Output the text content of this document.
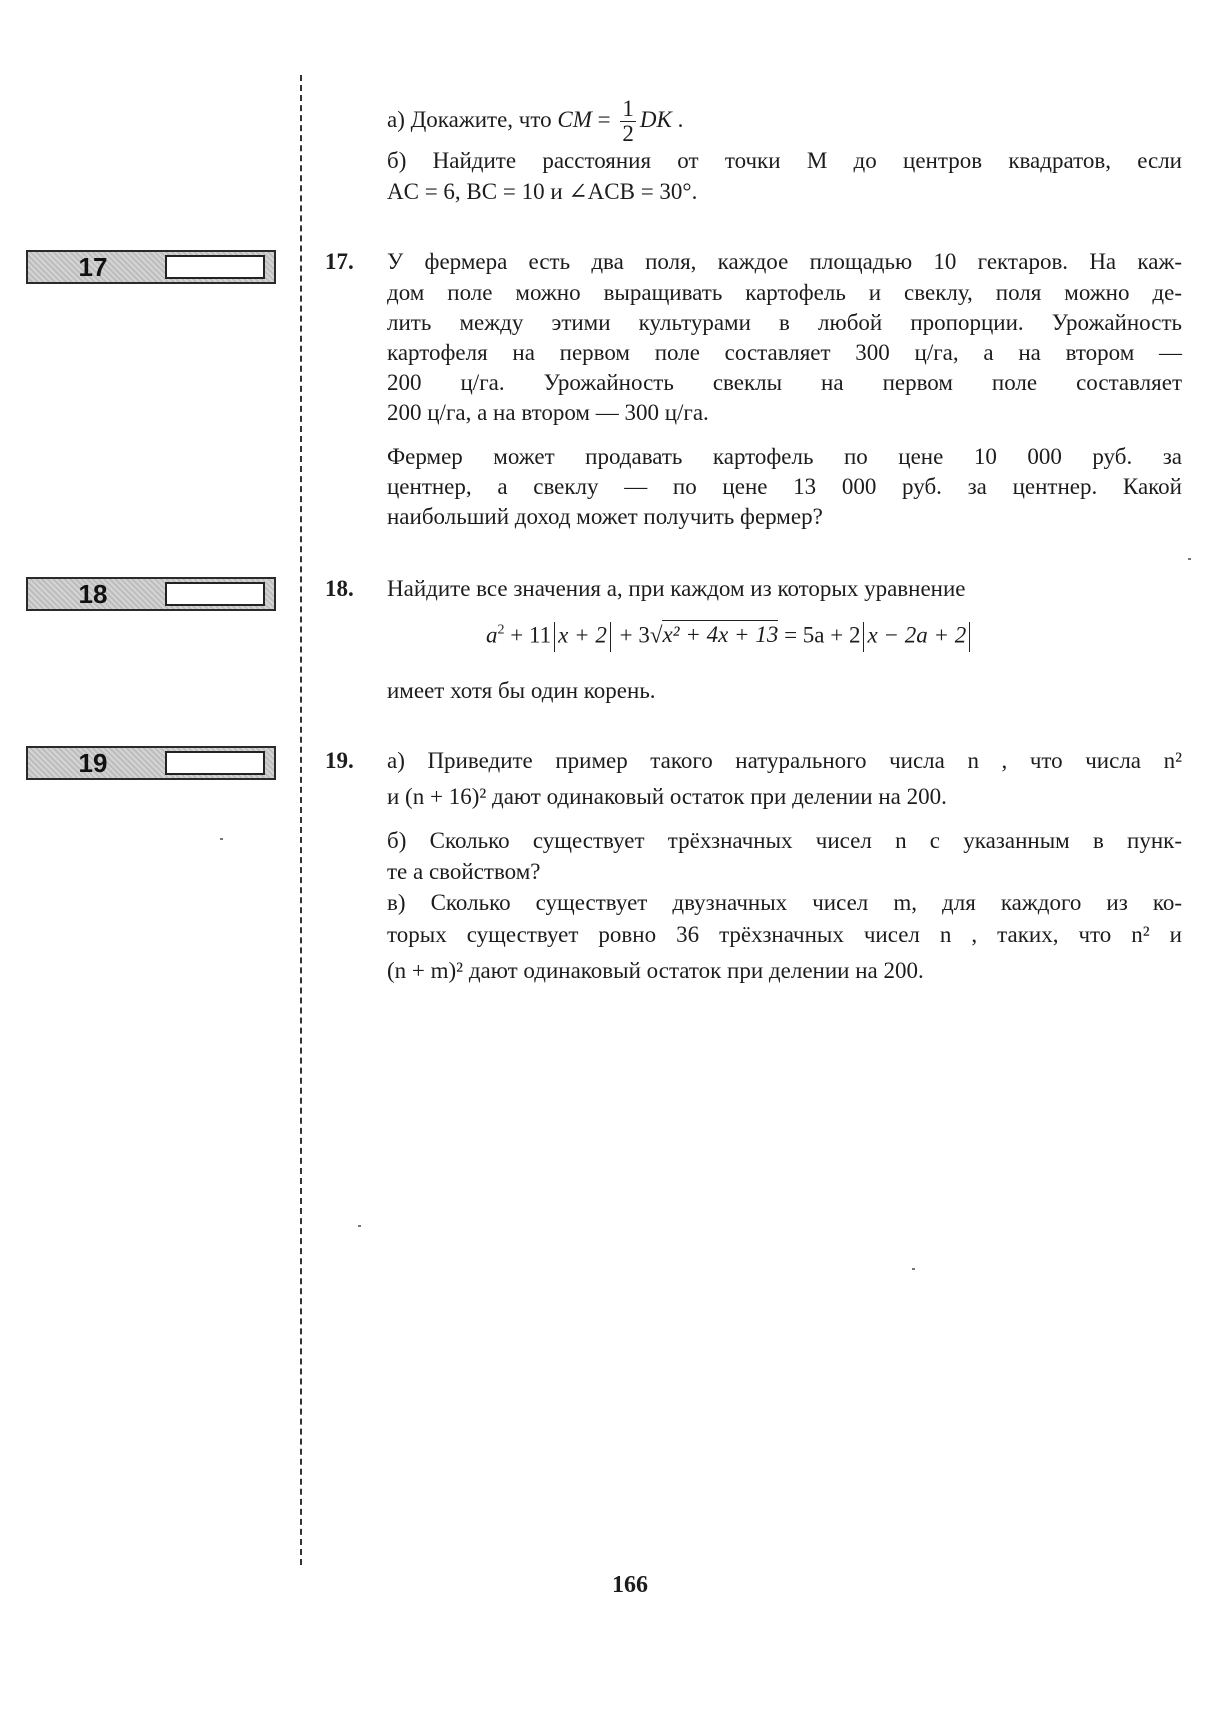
17
18
19
а) Докажите, что CM = $\frac{1}{2}$ DK .
б) Найдите расстояния от точки M до центров квадратов, если
AC = 6, BC = 10 и ∠ACB = 30°.
17. У фермера есть два поля, каждое площадью 10 гектаров. На каж-
дом поле можно выращивать картофель и свеклу, поля можно де-
лить между этими культурами в любой пропорции. Урожайность
картофеля на первом поле составляет 300 ц/га, а на втором —
200 ц/га. Урожайность свеклы на первом поле составляет
200 ц/га, а на втором — 300 ц/га.
Фермер может продавать картофель по цене 10 000 руб. за
центнер, а свеклу — по цене 13 000 руб. за центнер. Какой
наибольший доход может получить фермер?
18. Найдите все значения a, при каждом из которых уравнение
$a^2 + 11$ x + 2 + 3√x² + 4x + 13 = 5a + 2 x − 2a + 2
имеет хотя бы один корень.
19. а) Приведите пример такого натурального числа n , что числа n²
и (n + 16)² дают одинаковый остаток при делении на 200.
б) Сколько существует трёхзначных чисел n с указанным в пунк-
те a свойством?
в) Сколько существует двузначных чисел m, для каждого из ко-
торых существует ровно 36 трёхзначных чисел n , таких, что n² и
(n + m)² дают одинаковый остаток при делении на 200.
166
